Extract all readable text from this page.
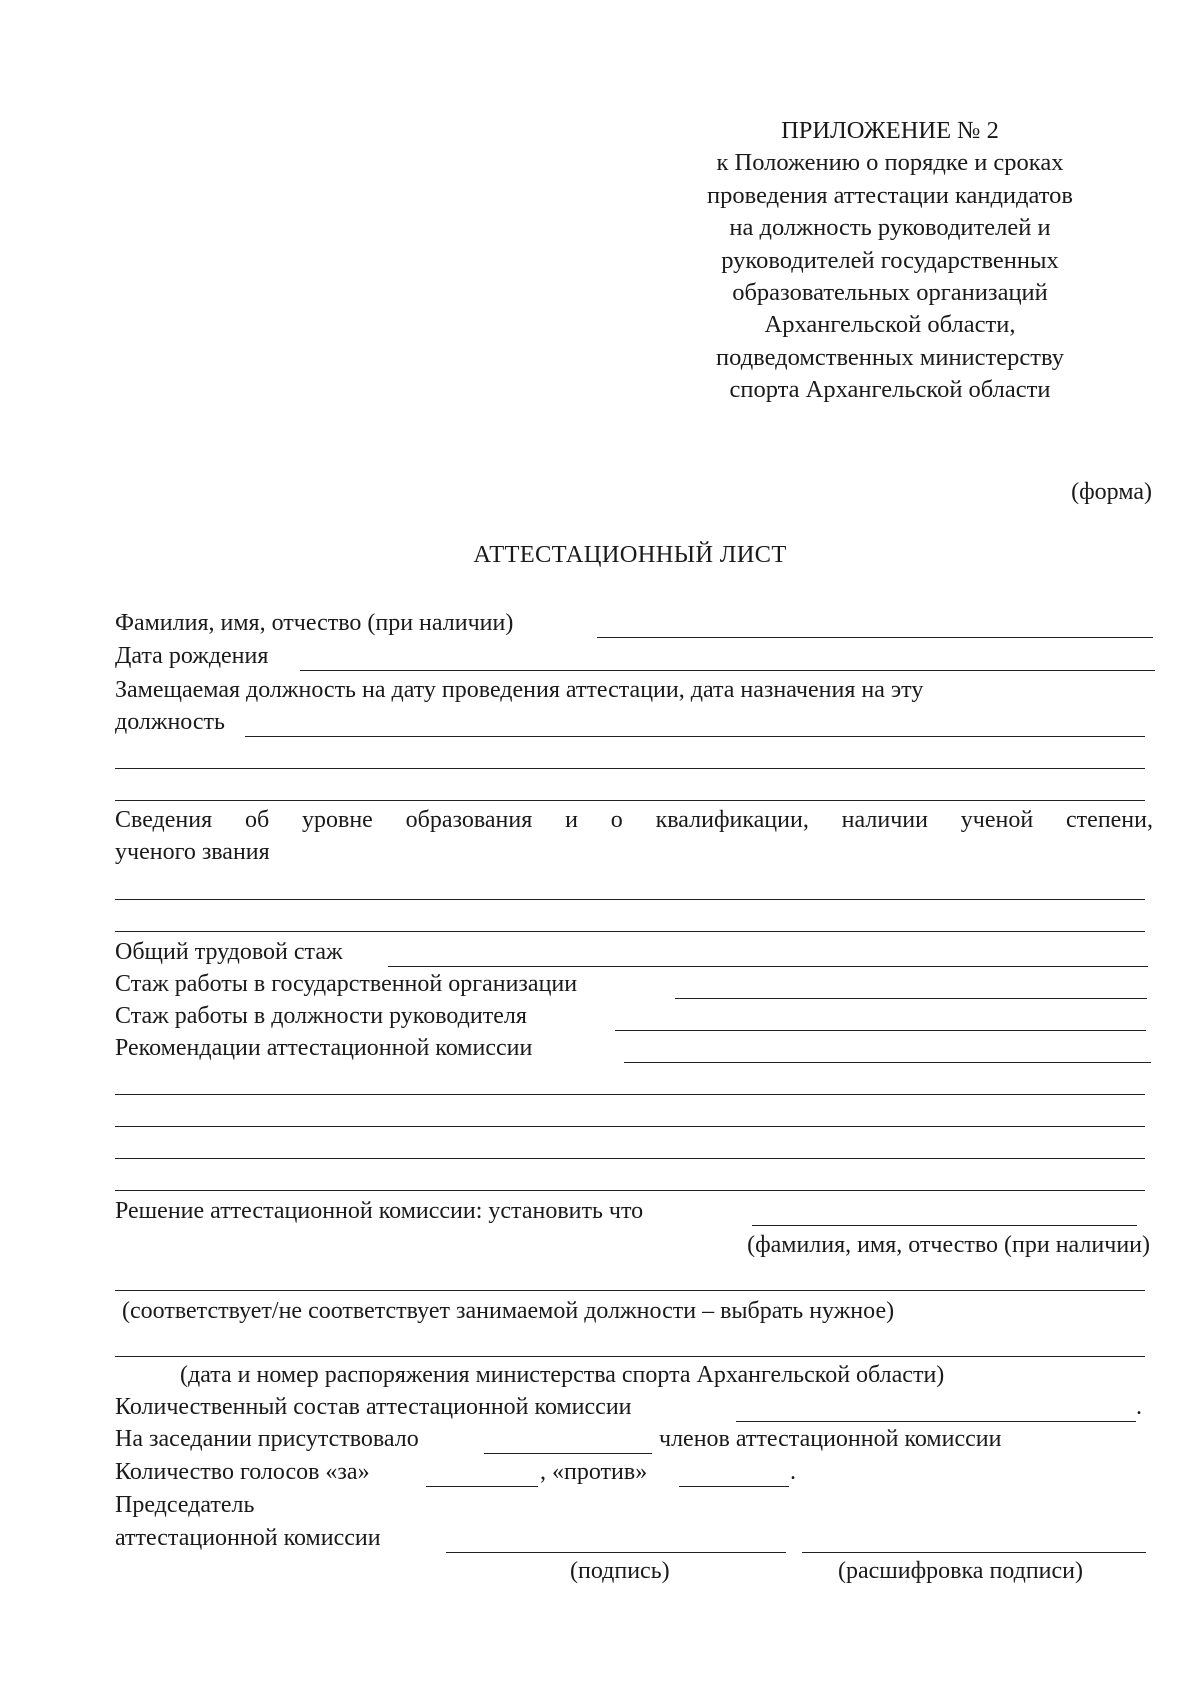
ПРИЛОЖЕНИЕ № 2
к Положению о порядке и сроках
проведения аттестации кандидатов
на должность руководителей и
руководителей государственных
образовательных организаций
Архангельской области,
подведомственных министерству
спорта Архангельской области
(форма)
АТТЕСТАЦИОННЫЙ ЛИСТ
Фамилия, имя, отчество (при наличии)
Дата рождения
Замещаемая должность на дату проведения аттестации, дата назначения на эту
должность
Сведения об уровне образования и о квалификации, наличии ученой степени,
ученого звания
Общий трудовой стаж
Стаж работы в государственной организации
Стаж работы в должности руководителя
Рекомендации аттестационной комиссии
Решение аттестационной комиссии: установить что
(фамилия, имя, отчество (при наличии)
(соответствует/не соответствует занимаемой должности – выбрать нужное)
(дата и номер распоряжения министерства спорта Архангельской области)
Количественный состав аттестационной комиссии	.
На заседании присутствовало	членов аттестационной комиссии
Количество голосов «за»	, «против»	.
Председатель
аттестационной комиссии
(подпись)	(расшифровка подписи)
